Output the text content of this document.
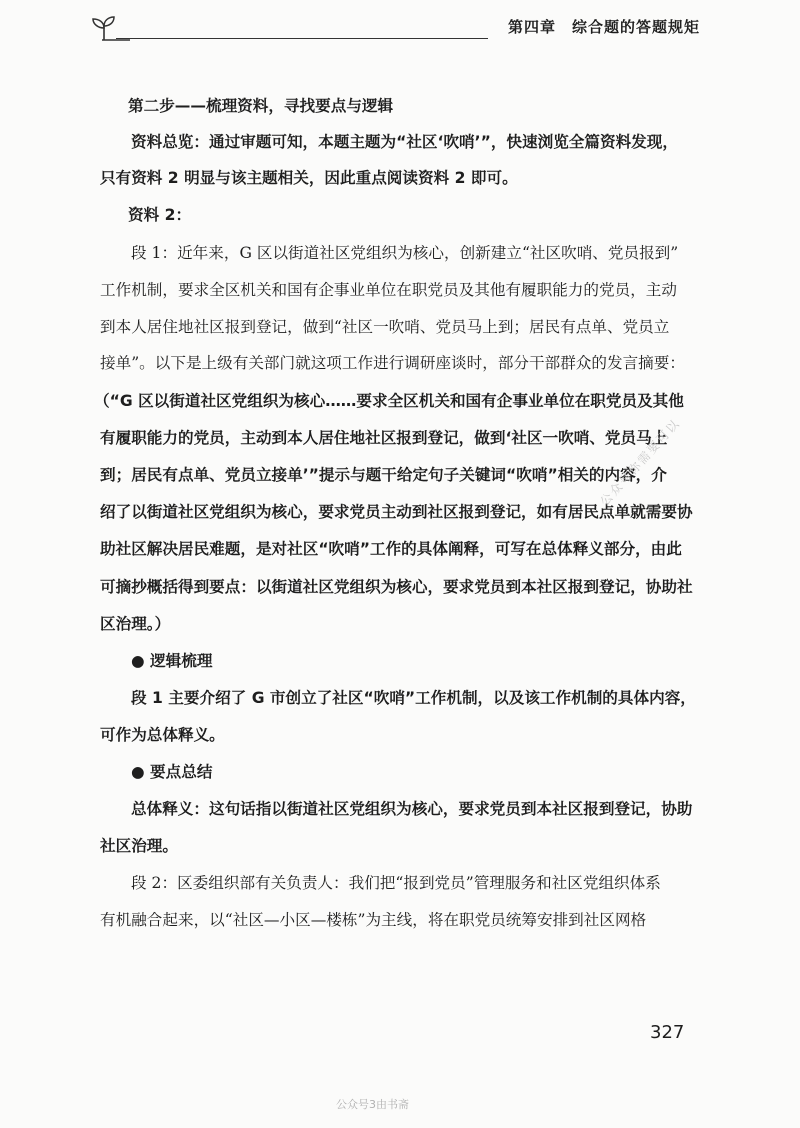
第四章　综合题的答题规矩
第二步——梳理资料，寻找要点与逻辑
资料总览：通过审题可知，本题主题为“社区‘吹哨’”，快速浏览全篇资料发现，
只有资料 2 明显与该主题相关，因此重点阅读资料 2 即可。
资料 2：
段 1：近年来，G 区以街道社区党组织为核心，创新建立“社区吹哨、党员报到”
工作机制，要求全区机关和国有企事业单位在职党员及其他有履职能力的党员，主动
到本人居住地社区报到登记，做到“社区一吹哨、党员马上到；居民有点单、党员立
接单”。以下是上级有关部门就这项工作进行调研座谈时，部分干部群众的发言摘要：
（“G 区以街道社区党组织为核心……要求全区机关和国有企事业单位在职党员及其他
有履职能力的党员，主动到本人居住地社区报到登记，做到‘社区一吹哨、党员马上
到；居民有点单、党员立接单’”提示与题干给定句子关键词“吹哨”相关的内容，介
绍了以街道社区党组织为核心，要求党员主动到社区报到登记，如有居民点单就需要协
助社区解决居民难题，是对社区“吹哨”工作的具体阐释，可写在总体释义部分，由此
可摘抄概括得到要点：以街道社区党组织为核心，要求党员到本社区报到登记，协助社
区治理。）
● 逻辑梳理
段 1 主要介绍了 G 市创立了社区“吹哨”工作机制，以及该工作机制的具体内容，
可作为总体释义。
● 要点总结
总体释义：这句话指以街道社区党组织为核心，要求党员到本社区报到登记，协助
社区治理。
段 2：区委组织部有关负责人：我们把“报到党员”管理服务和社区党组织体系
有机融合起来，以“社区—小区—楼栋”为主线，将在职党员统筹安排到社区网格
公众号你需要可以
327
公众号3由书斋
